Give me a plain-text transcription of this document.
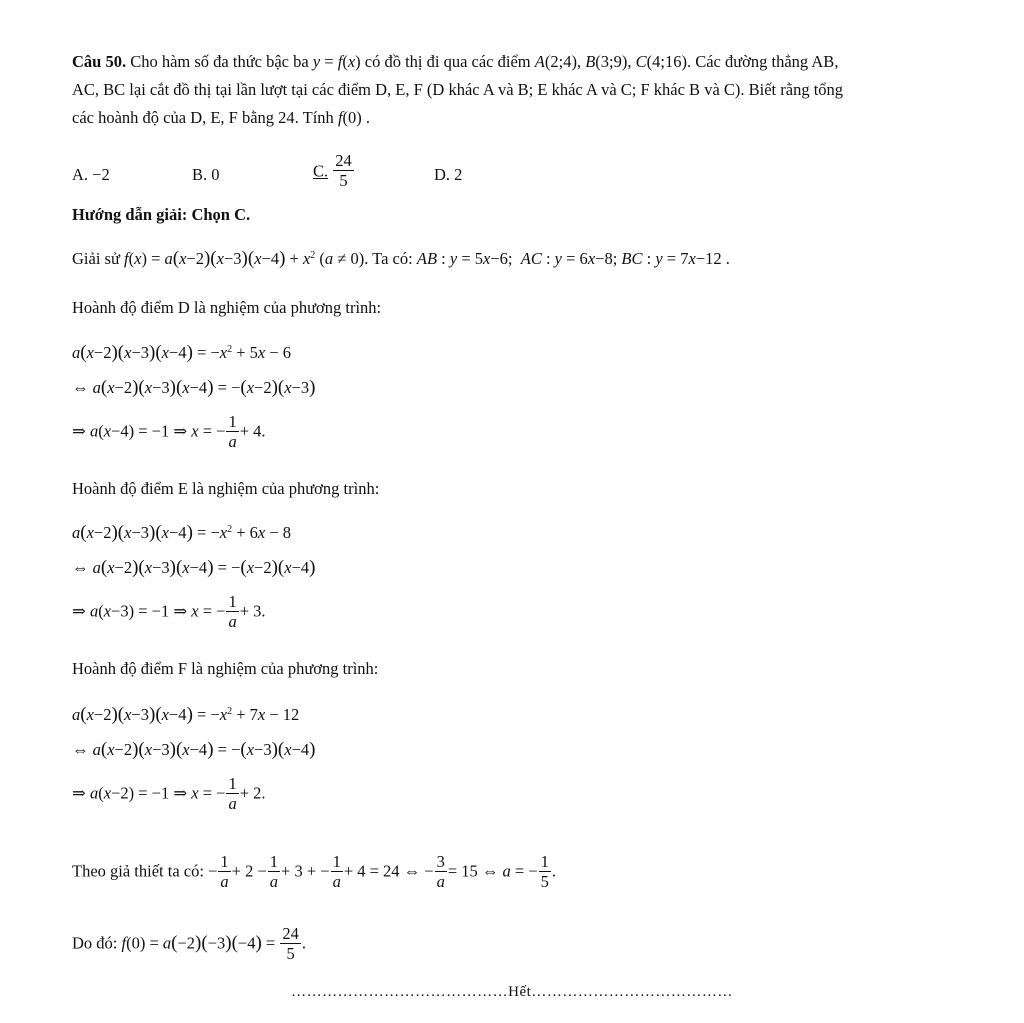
Câu 50. Cho hàm số đa thức bậc ba y = f(x) có đồ thị đi qua các điểm A(2;4), B(3;9), C(4;16). Các đường thẳng AB,
AC, BC lại cắt đồ thị tại lần lượt tại các điểm D, E, F (D khác A và B; E khác A và C; F khác B và C). Biết rằng tổng
các hoành độ của D, E, F bằng 24. Tính f(0) .
A. −2	B. 0	C. $\frac{24}{5}$	D. 2
Hướng dẫn giải: Chọn C.
Giải sử $f(x) = a(x-2)(x-3)(x-4) + x^2$ (a ≠ 0). Ta có: AB : y = 5x−6;  AC : y = 6x−8; BC : y = 7x−12 .
Hoành độ điểm D là nghiệm của phương trình:
$a(x-2)(x-3)(x-4) = -x^2 + 5x - 6$
⇔ a(x−2)(x−3)(x−4) = −(x−2)(x−3)
⇒ a(x−4) = −1 ⇒ x = − $\frac{1}{a} + 4$.
Hoành độ điểm E là nghiệm của phương trình:
$a(x-2)(x-3)(x-4) = -x^2 + 6x - 8$
⇔ a(x−2)(x−3)(x−4) = −(x−2)(x−4)
⇒ a(x−3) = −1 ⇒ x = − $\frac{1}{a} + 3$.
Hoành độ điểm F là nghiệm của phương trình:
$a(x-2)(x-3)(x-4) = -x^2 + 7x - 12$
⇔ a(x−2)(x−3)(x−4) = −(x−3)(x−4)
⇒ a(x−2) = −1 ⇒ x = − $\frac{1}{a} + 2$.
Theo giả thiết ta có: − $\frac{1}{a} + 2 - \frac{1}{a} + 3$ + − $\frac{1}{a} + 4 = 24$ ⇔ − $\frac{3}{a} = 15$ ⇔ a = − $\frac{1}{5}$ .
Do đó: $f(0) = a(-2)(-3)(-4) = \frac{24}{5}$ .
……………………………………Hết…………………………………
